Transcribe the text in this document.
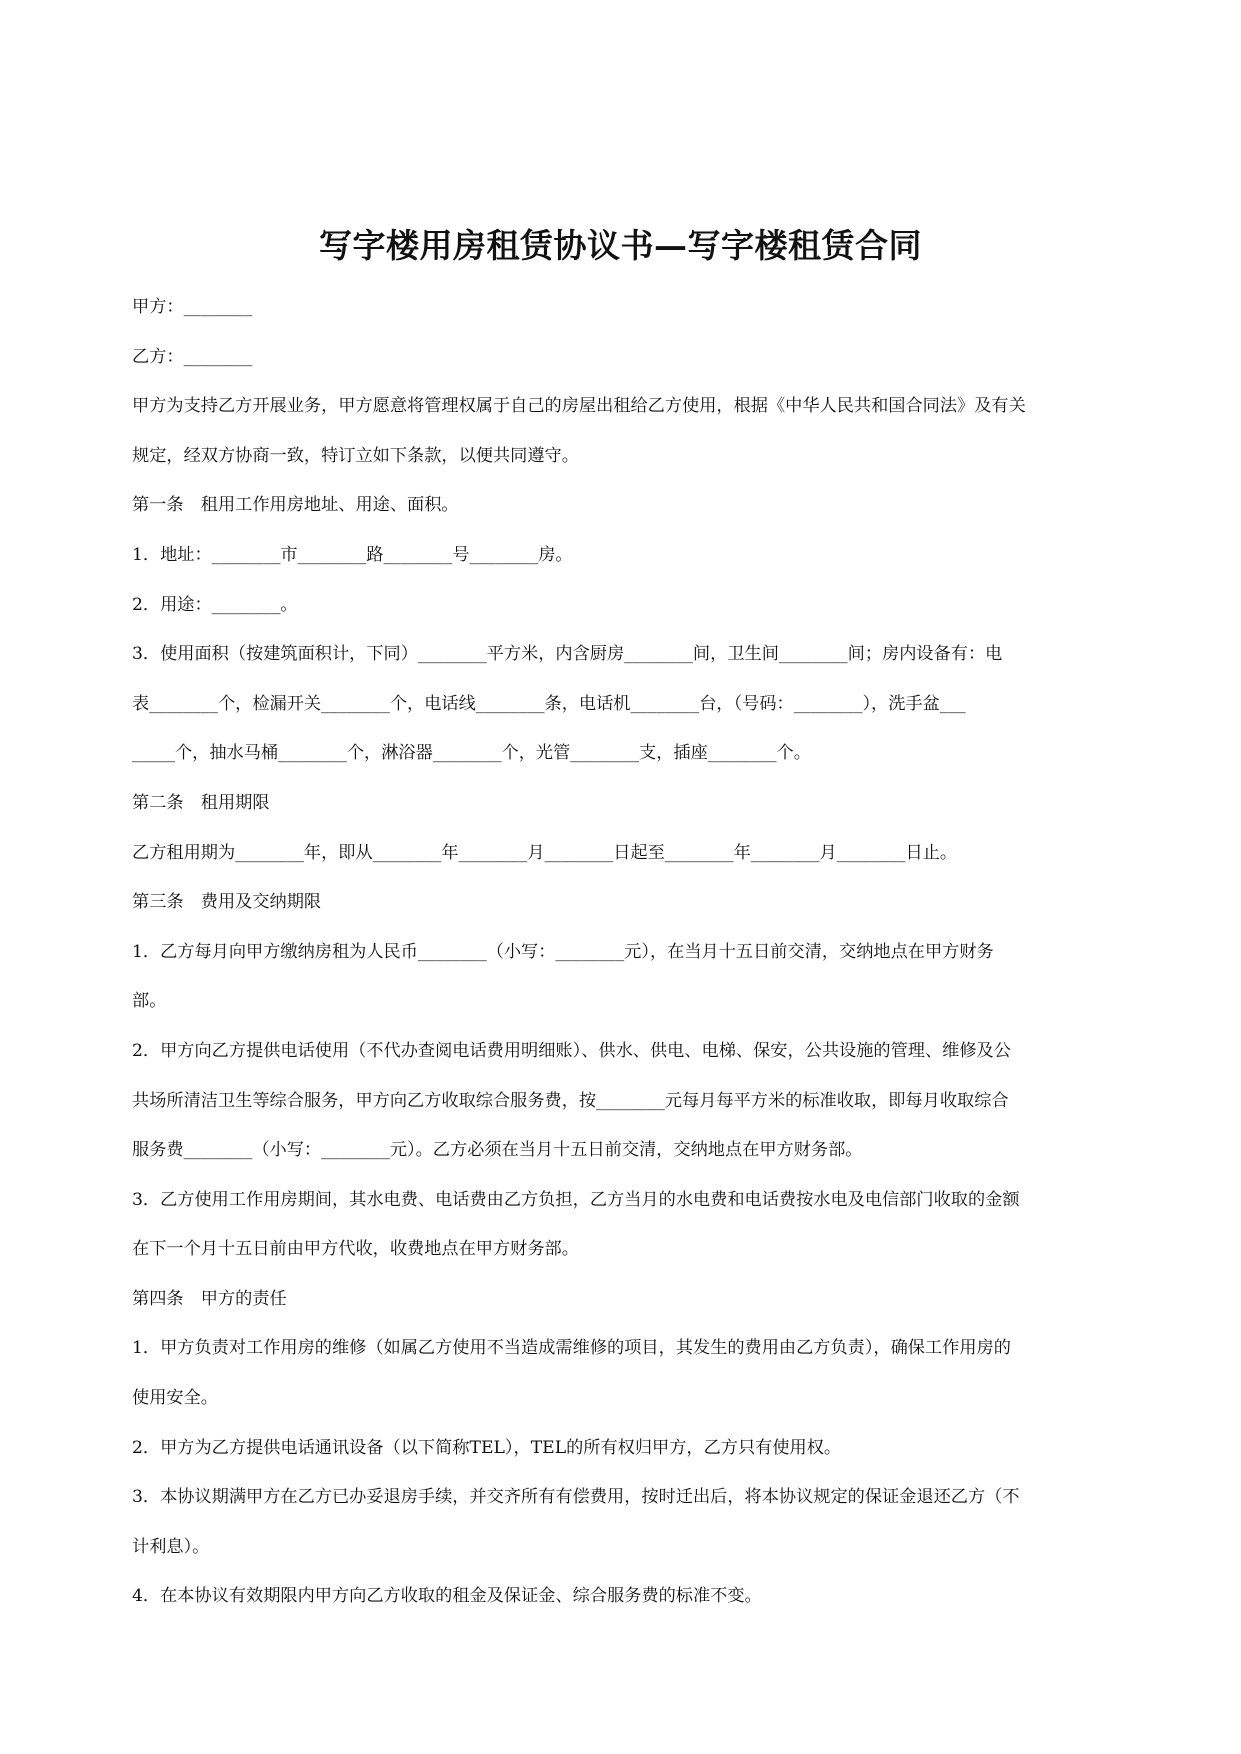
写字楼用房租赁协议书—写字楼租赁合同
甲方：________
乙方：________
甲方为支持乙方开展业务，甲方愿意将管理权属于自己的房屋出租给乙方使用，根据《中华人民共和国合同法》及有关
规定，经双方协商一致，特订立如下条款，以便共同遵守。
第一条　租用工作用房地址、用途、面积。
1．地址：________市________路________号________房。
2．用途：________。
3．使用面积（按建筑面积计，下同）________平方米，内含厨房________间，卫生间________间；房内设备有：电
表________个，检漏开关________个，电话线________条，电话机________台，（号码：________），洗手盆___
_____个，抽水马桶________个，淋浴器________个，光管________支，插座________个。
第二条　租用期限
乙方租用期为________年，即从________年________月________日起至________年________月________日止。
第三条　费用及交纳期限
1．乙方每月向甲方缴纳房租为人民币________（小写：________元），在当月十五日前交清，交纳地点在甲方财务
部。
2．甲方向乙方提供电话使用（不代办查阅电话费用明细账）、供水、供电、电梯、保安，公共设施的管理、维修及公
共场所清洁卫生等综合服务，甲方向乙方收取综合服务费，按________元每月每平方米的标准收取，即每月收取综合
服务费________（小写：________元）。乙方必须在当月十五日前交清，交纳地点在甲方财务部。
3．乙方使用工作用房期间，其水电费、电话费由乙方负担，乙方当月的水电费和电话费按水电及电信部门收取的金额
在下一个月十五日前由甲方代收，收费地点在甲方财务部。
第四条　甲方的责任
1．甲方负责对工作用房的维修（如属乙方使用不当造成需维修的项目，其发生的费用由乙方负责），确保工作用房的
使用安全。
2．甲方为乙方提供电话通讯设备（以下简称TEL），TEL的所有权归甲方，乙方只有使用权。
3．本协议期满甲方在乙方已办妥退房手续，并交齐所有有偿费用，按时迁出后，将本协议规定的保证金退还乙方（不
计利息）。
4．在本协议有效期限内甲方向乙方收取的租金及保证金、综合服务费的标准不变。
